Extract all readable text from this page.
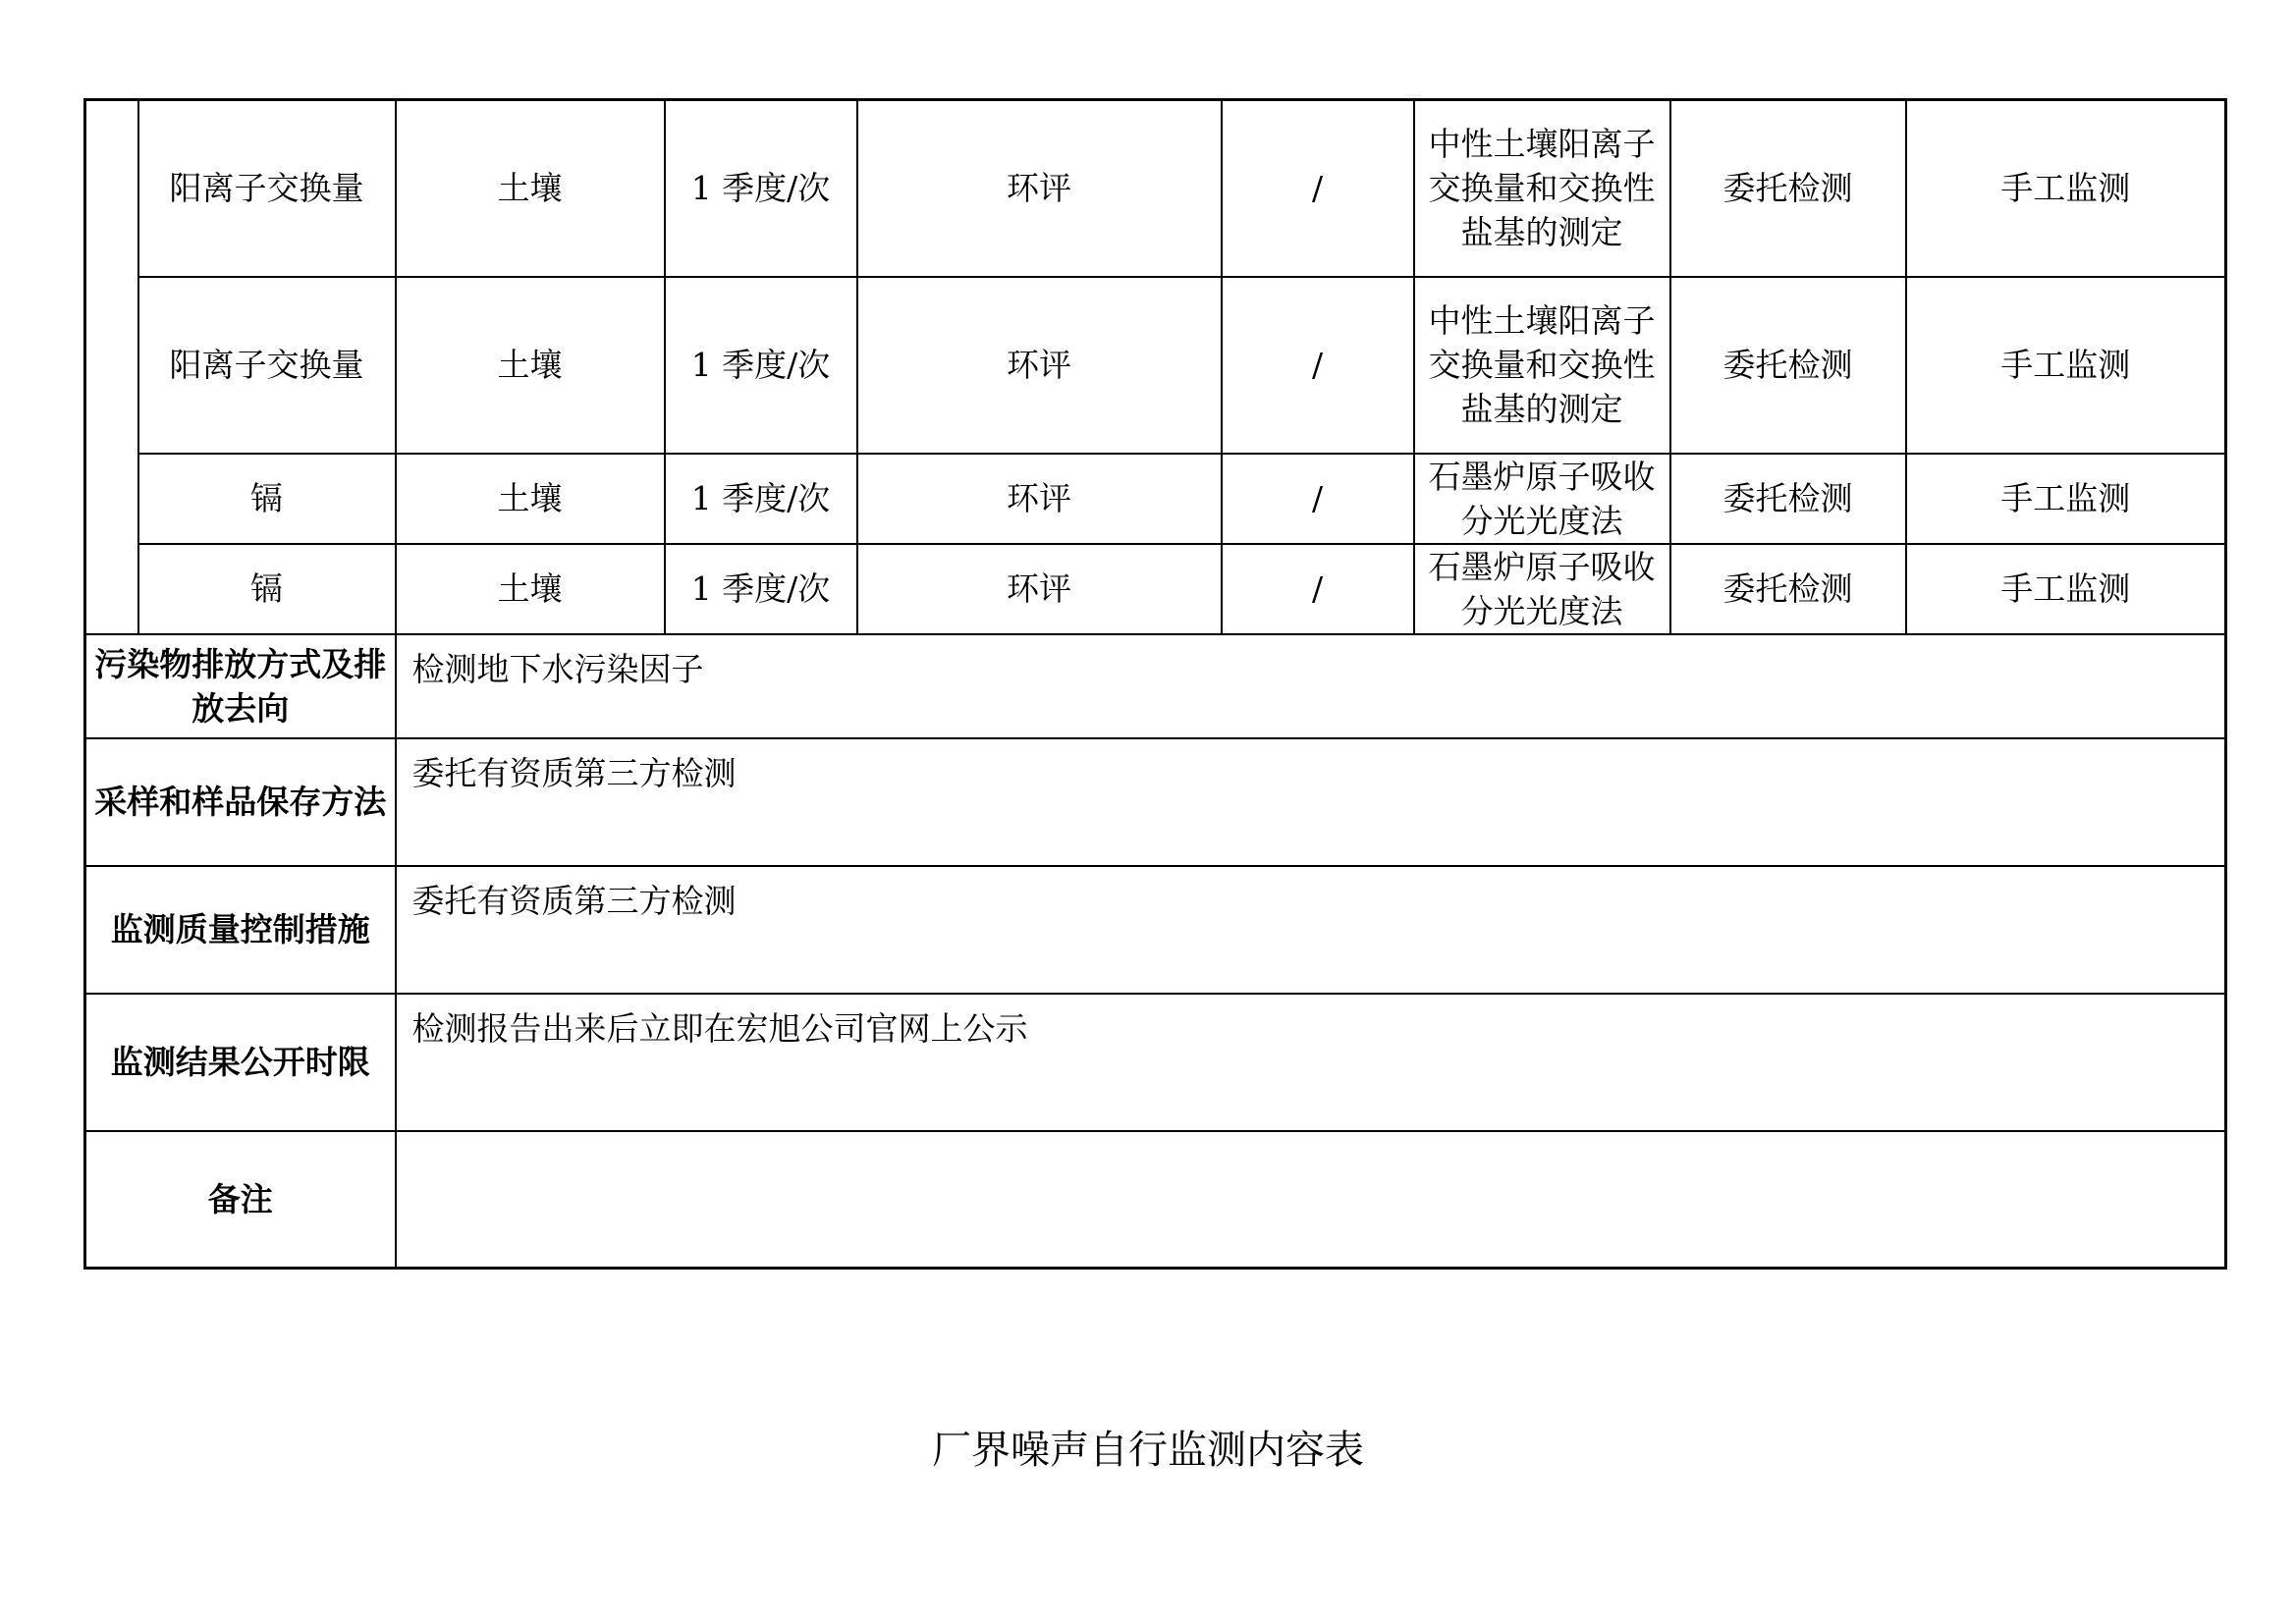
	阳离子交换量	土壤	1 季度/次	环评	/	中性土壤阳离子交换量和交换性盐基的测定	委托检测	手工监测
	阳离子交换量	土壤	1 季度/次	环评	/	中性土壤阳离子交换量和交换性盐基的测定	委托检测	手工监测
	镉	土壤	1 季度/次	环评	/	石墨炉原子吸收分光光度法	委托检测	手工监测
	镉	土壤	1 季度/次	环评	/	石墨炉原子吸收分光光度法	委托检测	手工监测
污染物排放方式及排放去向		检测地下水污染因子						
采样和样品保存方法		委托有资质第三方检测						
监测质量控制措施		委托有资质第三方检测						
监测结果公开时限		检测报告出来后立即在宏旭公司官网上公示						
备注								
厂界噪声自行监测内容表
